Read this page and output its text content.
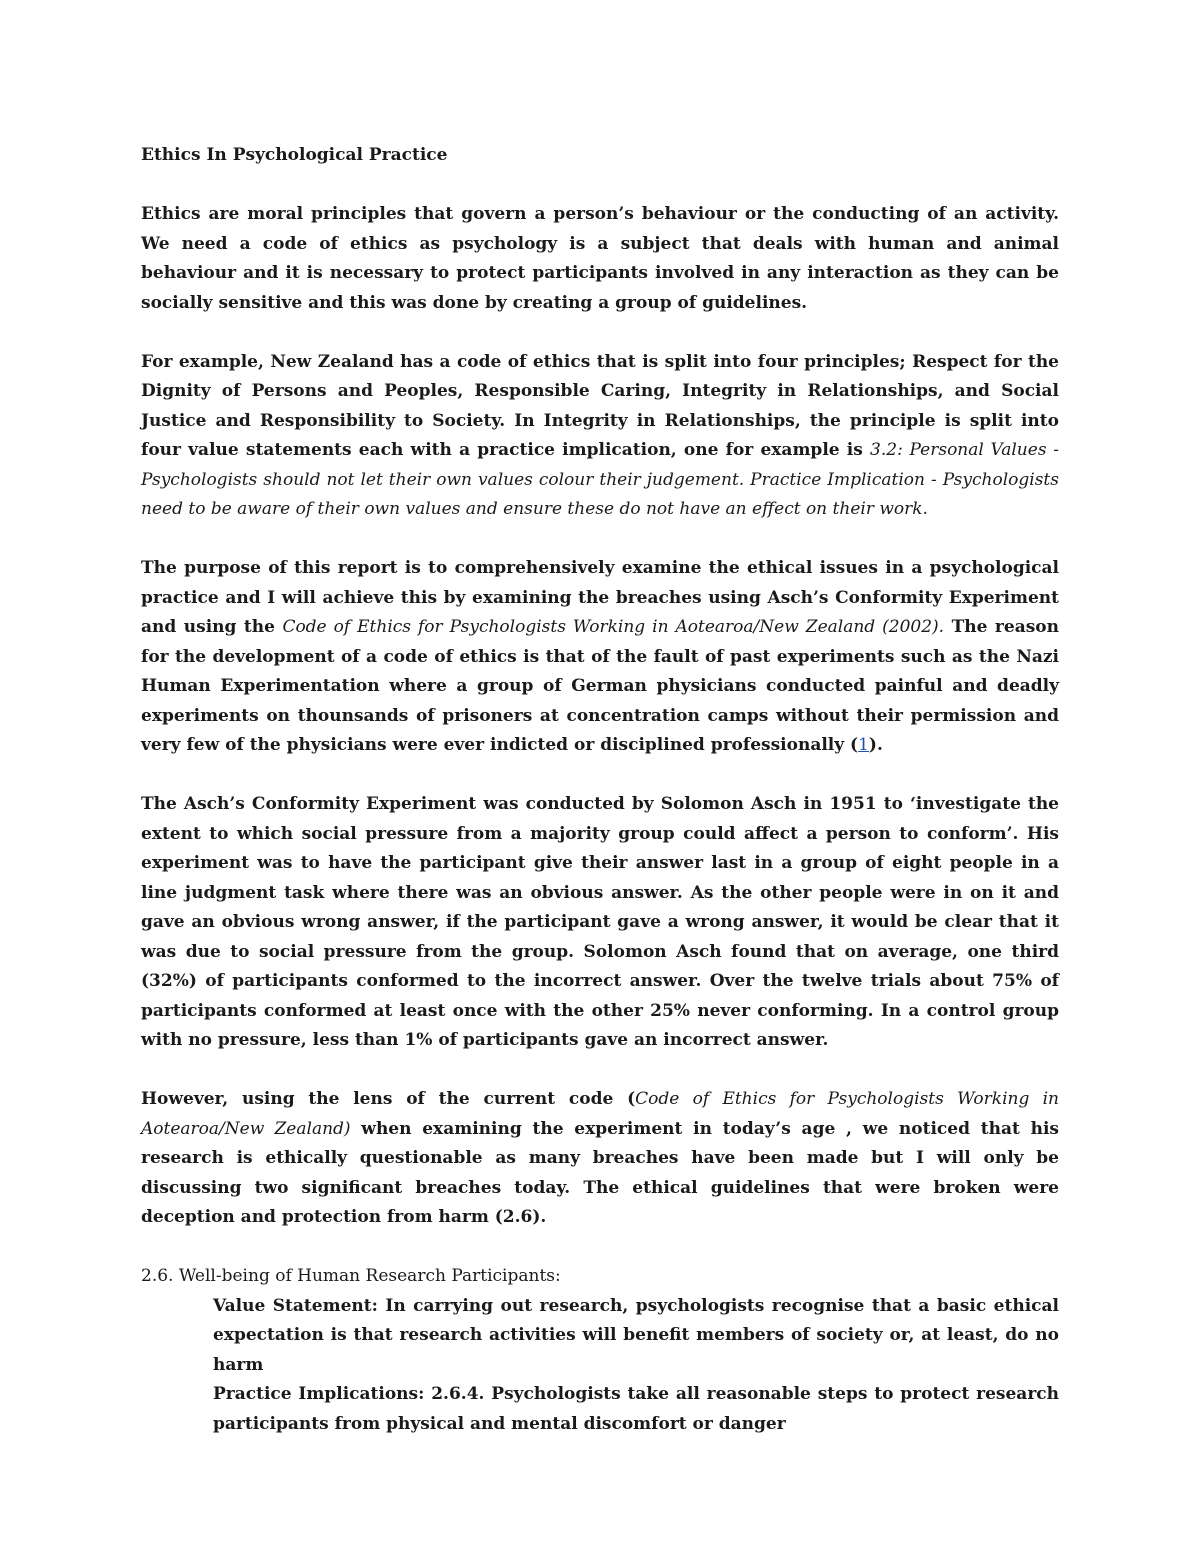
Ethics In Psychological Practice

Ethics are moral principles that govern a person’s behaviour or the conducting of an activity. We need a code of ethics as psychology is a subject that deals with human and animal behaviour and it is necessary to protect participants involved in any interaction as they can be socially sensitive and this was done by creating a group of guidelines.

For example, New Zealand has a code of ethics that is split into four principles; Respect for the Dignity of Persons and Peoples, Responsible Caring, Integrity in Relationships, and Social Justice and Responsibility to Society. In Integrity in Relationships, the principle is split into four value statements each with a practice implication, one for example is 3.2: Personal Values - Psychologists should not let their own values colour their judgement. Practice Implication - Psychologists need to be aware of their own values and ensure these do not have an effect on their work.

The purpose of this report is to comprehensively examine the ethical issues in a psychological practice and I will achieve this by examining the breaches using Asch’s Conformity Experiment and using the Code of Ethics for Psychologists Working in Aotearoa/New Zealand (2002). The reason for the development of a code of ethics is that of the fault of past experiments such as the Nazi Human Experimentation where a group of German physicians conducted painful and deadly experiments on thounsands of prisoners at concentration camps without their permission and very few of the physicians were ever indicted or disciplined professionally (1).

The Asch’s Conformity Experiment was conducted by Solomon Asch in 1951 to ‘investigate the extent to which social pressure from a majority group could affect a person to conform’. His experiment was to have the participant give their answer last in a group of eight people in a line judgment task where there was an obvious answer. As the other people were in on it and gave an obvious wrong answer, if the participant gave a wrong answer, it would be clear that it was due to social pressure from the group. Solomon Asch found that on average, one third (32%) of participants conformed to the incorrect answer. Over the twelve trials about 75% of participants conformed at least once with the other 25% never conforming. In a control group with no pressure, less than 1% of participants gave an incorrect answer.

However, using the lens of the current code (Code of Ethics for Psychologists Working in Aotearoa/New Zealand) when examining the experiment in today’s age , we noticed that his research is ethically questionable as many breaches have been made but I will only be discussing two significant breaches today. The ethical guidelines that were broken were deception and protection from harm (2.6).

2.6. Well-being of Human Research Participants:
Value Statement: In carrying out research, psychologists recognise that a basic ethical expectation is that research activities will benefit members of society or, at least, do no harm
Practice Implications: 2.6.4. Psychologists take all reasonable steps to protect research participants from physical and mental discomfort or danger
